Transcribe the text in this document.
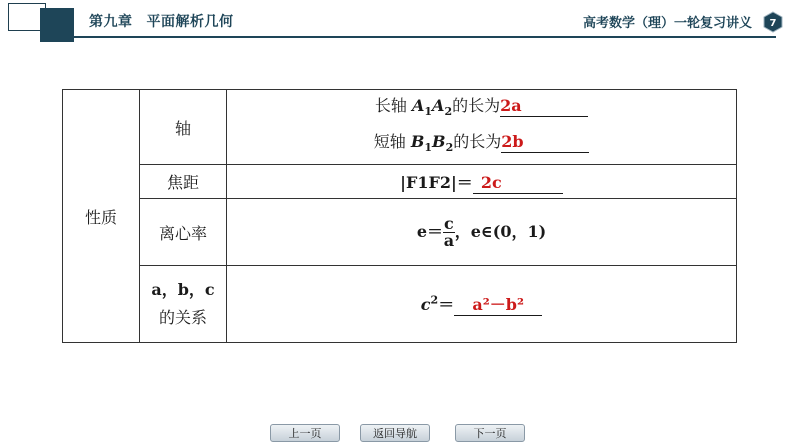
第九章 平面解析几何	高考数学（理）一轮复习讲义 7
性质	轴	长轴 $A_1A_2$的长为2a
短轴 $B_1B_2$的长为2b

	焦距	|F1F2|＝ 2c
	离心率	$e= \frac{c}{a}$ ，e∈(0，1)

	a，b，c
的关系	$c^2= a^2-b^2$
上一页	返回导航	下一页
